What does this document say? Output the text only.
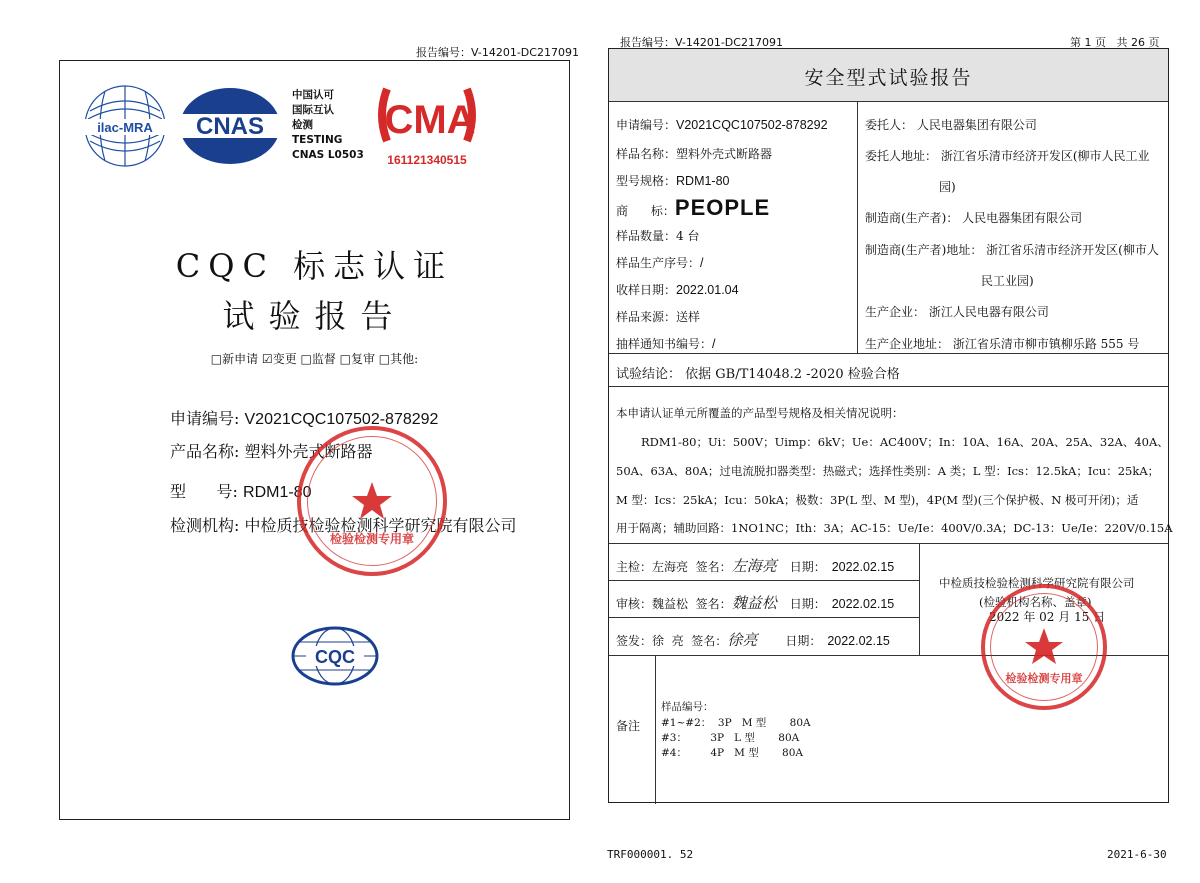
报告编号：V-14201-DC217091
ilac-MRA CNAS
中国认可
国际互认
检测
TESTING
CNAS L0503
CMA
161121340515
CQC 标志认证
试验报告
□新申请 ☑变更 □监督 □复审 □其他:
申请编号: V2021CQC107502-878292
产品名称: 塑料外壳式断路器
型      号: RDM1-80
检测机构: 中检质技检验检测科学研究院有限公司
检验检测专用章
CQC
报告编号：V-14201-DC217091	第 1 页   共 26 页
安全型式试验报告
申请编号：V2021CQC107502-878292
样品名称：塑料外壳式断路器
型号规格：RDM1-80
商      标：PEOPLE
样品数量：4 台
样品生产序号：/
收样日期：2022.01.04
样品来源：送样
抽样通知书编号：/
委托人： 人民电器集团有限公司
委托人地址： 浙江省乐清市经济开发区(柳市人民工业
园)
制造商(生产者)： 人民电器集团有限公司
制造商(生产者)地址： 浙江省乐清市经济开发区(柳市人
民工业园)
生产企业： 浙江人民电器有限公司
生产企业地址： 浙江省乐清市柳市镇柳乐路 555 号
试验结论： 依据 GB/T14048.2 -2020 检验合格
本申请认证单元所覆盖的产品型号规格及相关情况说明：
RDM1-80；Ui：500V；Uimp：6kV；Ue：AC400V；In：10A、16A、20A、25A、32A、40A、
50A、63A、80A；过电流脱扣器类型：热磁式；选择性类别：A 类；L 型：Ics：12.5kA；Icu：25kA；
M 型：Ics：25kA；Icu：50kA；极数：3P(L 型、M 型)，4P(M 型)(三个保护极、N 极可开闭)；适
用于隔离；辅助回路：1NO1NC；Ith：3A；AC-15：Ue/Ie：400V/0.3A；DC-13：Ue/Ie：220V/0.15A
主检：左海亮 签名：左海亮 日期： 2022.02.15
审核：魏益松 签名：魏益松 日期： 2022.02.15
签发：徐  亮 签名：徐亮 日期： 2022.02.15
中检质技检验检测科学研究院有限公司
(检验机构名称、盖章)
2022 年 02 月 15 日
检验检测专用章
备注
样品编号：
#1~#2：  3P   M 型       80A
#3：       3P   L 型       80A
#4：       4P   M 型       80A
TRF000001. 52	2021-6-30
